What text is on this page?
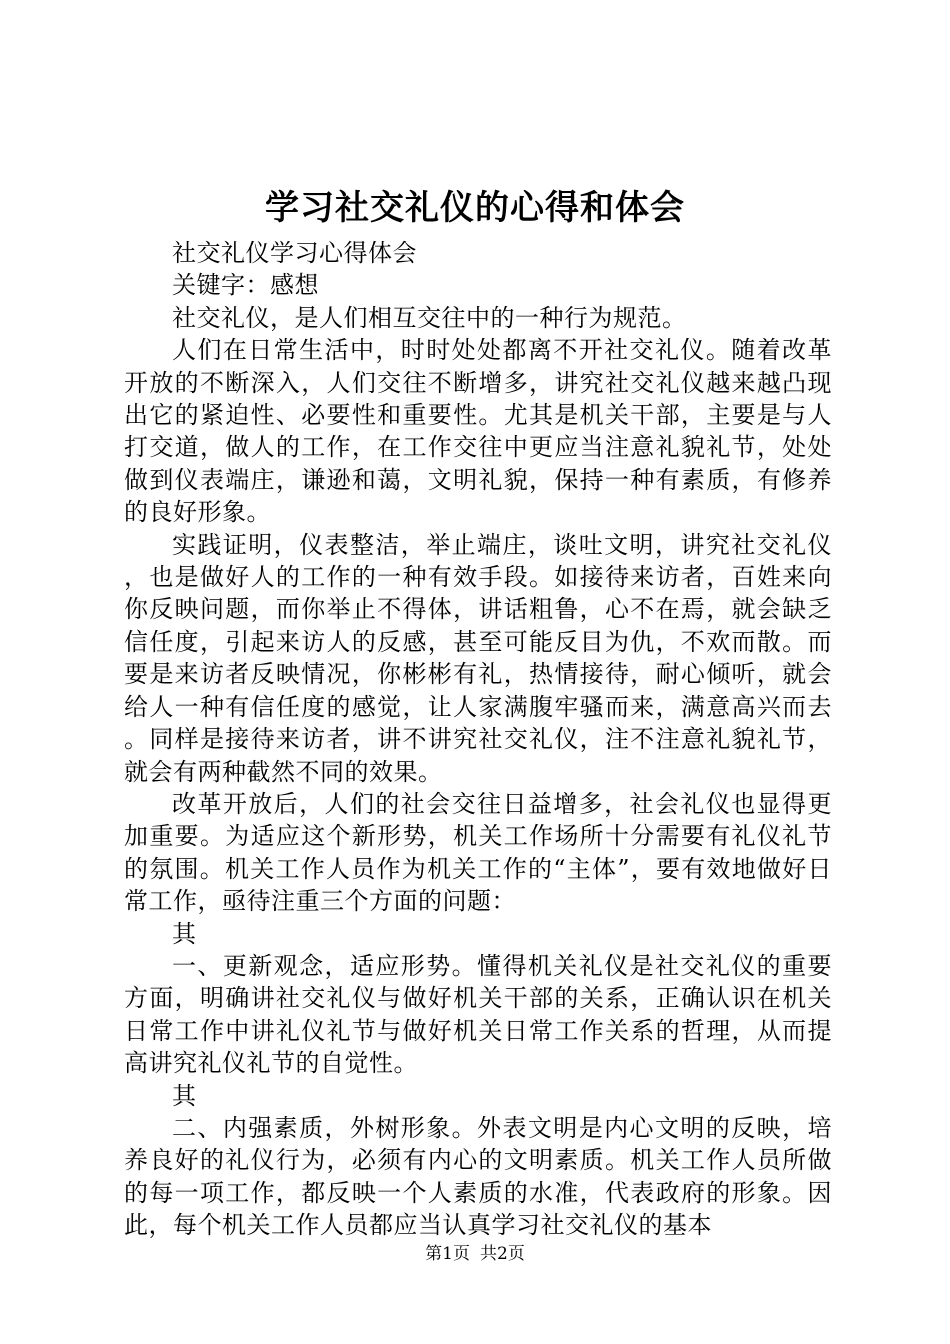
学习社交礼仪的心得和体会

社交礼仪学习心得体会

关键字：感想

社交礼仪，是人们相互交往中的一种行为规范。

人们在日常生活中，时时处处都离不开社交礼仪。随着改革开放的不断深入，人们交往不断增多，讲究社交礼仪越来越凸现出它的紧迫性、必要性和重要性。尤其是机关干部，主要是与人打交道，做人的工作，在工作交往中更应当注意礼貌礼节，处处做到仪表端庄，谦逊和蔼，文明礼貌，保持一种有素质，有修养的良好形象。

实践证明，仪表整洁，举止端庄，谈吐文明，讲究社交礼仪，也是做好人的工作的一种有效手段。如接待来访者，百姓来向你反映问题，而你举止不得体，讲话粗鲁，心不在焉，就会缺乏信任度，引起来访人的反感，甚至可能反目为仇，不欢而散。而要是来访者反映情况，你彬彬有礼，热情接待，耐心倾听，就会给人一种有信任度的感觉，让人家满腹牢骚而来，满意高兴而去。同样是接待来访者，讲不讲究社交礼仪，注不注意礼貌礼节，就会有两种截然不同的效果。

改革开放后，人们的社会交往日益增多，社会礼仪也显得更加重要。为适应这个新形势，机关工作场所十分需要有礼仪礼节的氛围。机关工作人员作为机关工作的“主体”，要有效地做好日常工作，亟待注重三个方面的问题：

其

一、更新观念，适应形势。懂得机关礼仪是社交礼仪的重要方面，明确讲社交礼仪与做好机关干部的关系，正确认识在机关日常工作中讲礼仪礼节与做好机关日常工作关系的哲理，从而提高讲究礼仪礼节的自觉性。

其

二、内强素质，外树形象。外表文明是内心文明的反映，培养良好的礼仪行为，必须有内心的文明素质。机关工作人员所做的每一项工作，都反映一个人素质的水准，代表政府的形象。因此，每个机关工作人员都应当认真学习社交礼仪的基本

第1页 共2页
